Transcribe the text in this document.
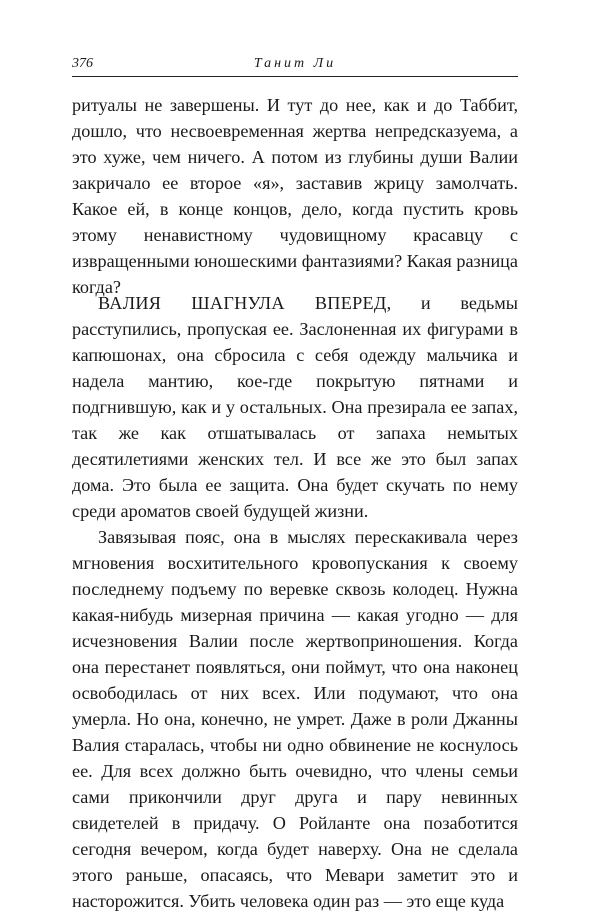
376	Танит Ли

ритуалы не завершены. И тут до нее, как и до Таббит, дошло, что несвоевременная жертва непредсказуема, а это хуже, чем ничего. А потом из глубины души Валии закричало ее второе «я», заставив жрицу замолчать. Какое ей, в конце концов, дело, когда пустить кровь этому ненавистному чудовищному красавцу с извращенными юношескими фантазиями? Какая разница когда?

ВАЛИЯ ШАГНУЛА ВПЕРЕД, и ведьмы расступились, пропуская ее. Заслоненная их фигурами в капюшонах, она сбросила с себя одежду мальчика и надела мантию, кое-где покрытую пятнами и подгнившую, как и у остальных. Она презирала ее запах, так же как отшатывалась от запаха немытых десятилетиями женских тел. И все же это был запах дома. Это была ее защита. Она будет скучать по нему среди ароматов своей будущей жизни.

Завязывая пояс, она в мыслях перескакивала через мгновения восхитительного кровопускания к своему последнему подъему по веревке сквозь колодец. Нужна какая-нибудь мизерная причина — какая угодно — для исчезновения Валии после жертвоприношения. Когда она перестанет появляться, они поймут, что она наконец освободилась от них всех. Или подумают, что она умерла. Но она, конечно, не умрет. Даже в роли Джанны Валия старалась, чтобы ни одно обвинение не коснулось ее. Для всех должно быть очевидно, что члены семьи сами прикончили друг друга и пару невинных свидетелей в придачу. О Ройланте она позаботится сегодня вечером, когда будет наверху. Она не сделала этого раньше, опасаясь, что Мевари заметит это и насторожится. Убить человека один раз — это еще куда
